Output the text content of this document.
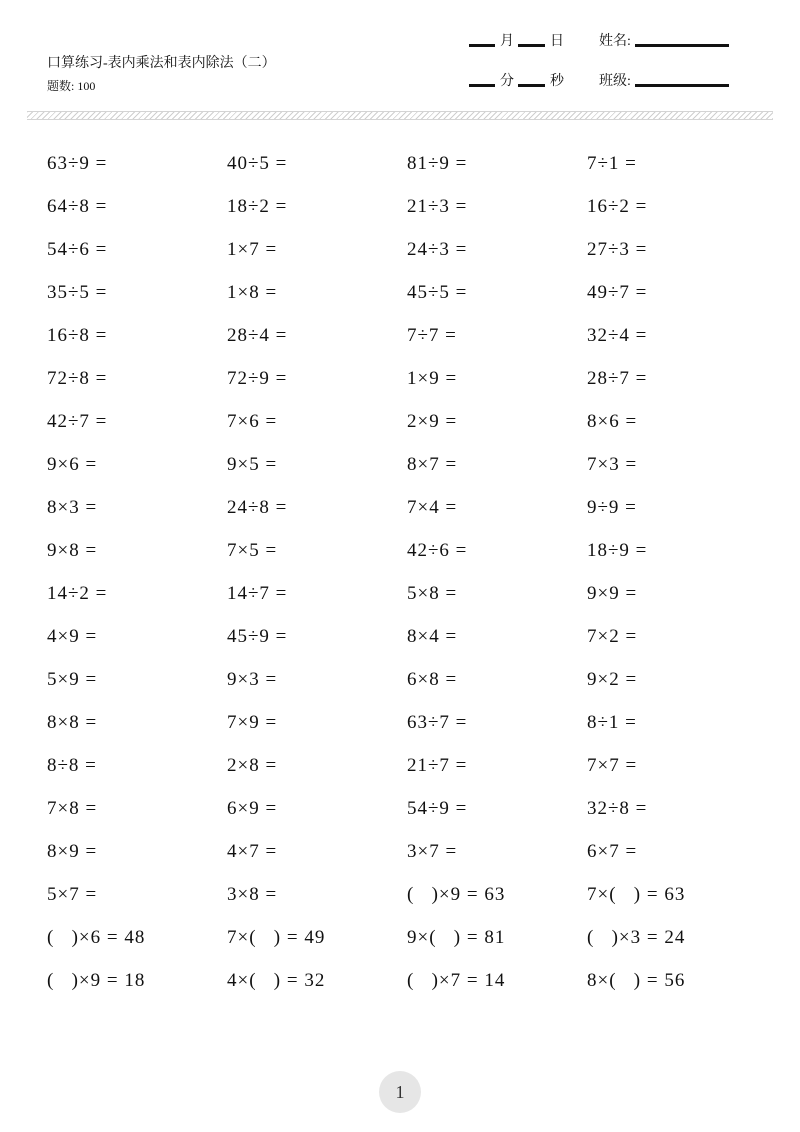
口算练习-表内乘法和表内除法（二）
题数: 100
月	日	姓名:
分	秒	班级:
63÷9 =	40÷5 =	81÷9 =	7÷1 =
64÷8 =	18÷2 =	21÷3 =	16÷2 =
54÷6 =	1×7 =	24÷3 =	27÷3 =
35÷5 =	1×8 =	45÷5 =	49÷7 =
16÷8 =	28÷4 =	7÷7 =	32÷4 =
72÷8 =	72÷9 =	1×9 =	28÷7 =
42÷7 =	7×6 =	2×9 =	8×6 =
9×6 =	9×5 =	8×7 =	7×3 =
8×3 =	24÷8 =	7×4 =	9÷9 =
9×8 =	7×5 =	42÷6 =	18÷9 =
14÷2 =	14÷7 =	5×8 =	9×9 =
4×9 =	45÷9 =	8×4 =	7×2 =
5×9 =	9×3 =	6×8 =	9×2 =
8×8 =	7×9 =	63÷7 =	8÷1 =
8÷8 =	2×8 =	21÷7 =	7×7 =
7×8 =	6×9 =	54÷9 =	32÷8 =
8×9 =	4×7 =	3×7 =	6×7 =
5×7 =	3×8 =	(   )×9 = 63	7×(   ) = 63
(   )×6 = 48	7×(   ) = 49	9×(   ) = 81	(   )×3 = 24
(   )×9 = 18	4×(   ) = 32	(   )×7 = 14	8×(   ) = 56
1
